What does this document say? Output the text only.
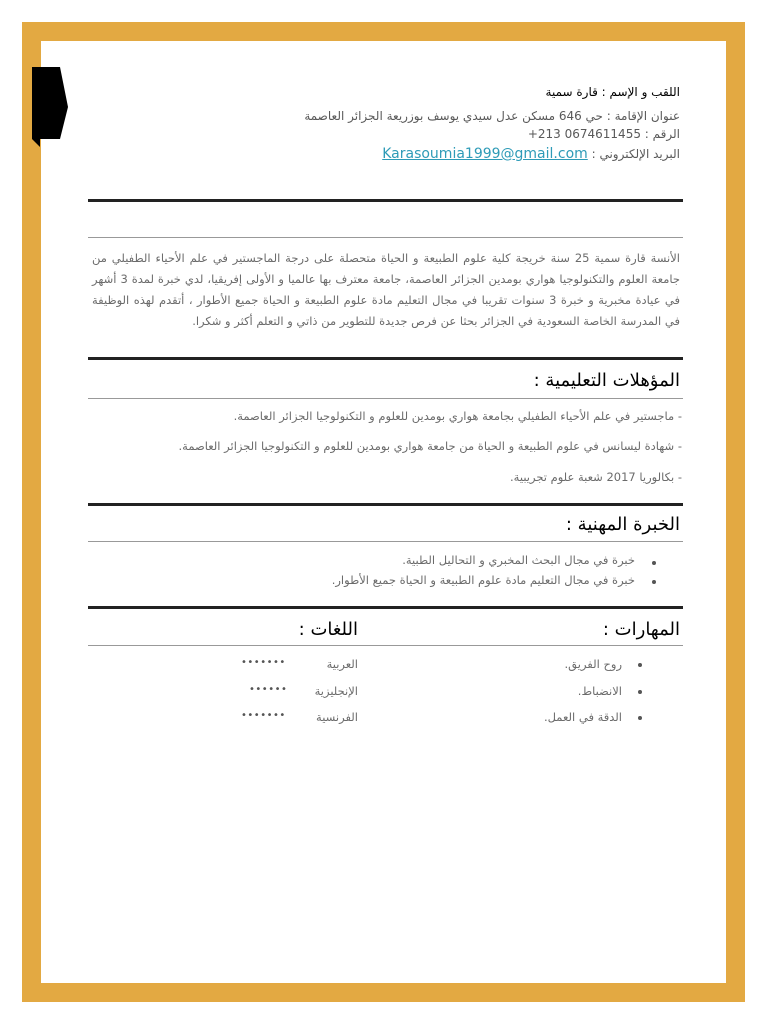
اللقب و الإسم : قارة سمية
عنوان الإقامة : حي 646 مسكن عدل سيدي يوسف بوزريعة الجزائر العاصمة
الرقم : +213 0674611455
البريد الإلكتروني : Karasoumia1999@gmail.com
الأنسة قارة سمية 25 سنة خريجة كلية علوم الطبيعة و الحياة متحصلة على درجة الماجستير في علم الأحياء الطفيلي من جامعة العلوم والتكنولوجيا هواري بومدين الجزائر العاصمة، جامعة معترف بها عالميا و الأولى إفريقيا، لدي خبرة لمدة 3 أشهر في عيادة مخبرية و خبرة 3 سنوات تقريبا في مجال التعليم مادة علوم الطبيعة و الحياة جميع الأطوار ، أتقدم لهذه الوظيفة في المدرسة الخاصة السعودية في الجزائر بحثا عن فرص جديدة للتطوير من ذاتي و التعلم أكثر و شكرا.
المؤهلات التعليمية :
- ماجستير في علم الأحياء الطفيلي بجامعة هواري بومدين للعلوم و التكنولوجيا الجزائر العاصمة.
- شهادة ليسانس في علوم الطبيعة و الحياة من جامعة هواري بومدين للعلوم و التكنولوجيا الجزائر العاصمة.
- بكالوريا 2017 شعبة علوم تجريبية.
الخبرة المهنية :
خبرة في مجال البحث المخبري و التحاليل الطبية.
خبرة في مجال التعليم مادة علوم الطبيعة و الحياة جميع الأطوار.
المهارات :
اللغات :
روح الفريق.
الانضباط.
الدقة في العمل.
العربية
•••••••
الإنجليزية
••••••
الفرنسية
•••••••
